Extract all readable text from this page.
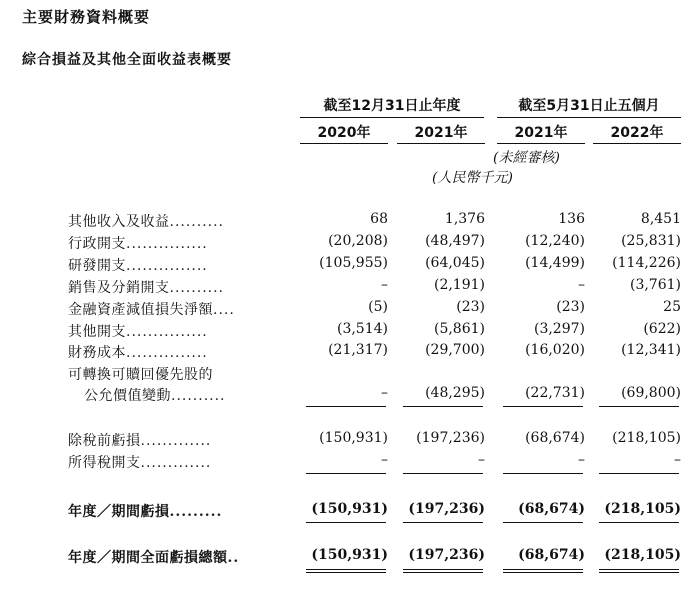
主要財務資料概要
綜合損益及其他全面收益表概要
截至12月31日止年度	截至5月31日止五個月
2020年	2021年	2021年	2022年
(未經審核)
(人民幣千元)
其他收入及收益..........	68	1,376	136	8,451
行政開支...............	(20,208)	(48,497)	(12,240)	(25,831)
研發開支...............	(105,955)	(64,045)	(14,499)	(114,226)
銷售及分銷開支..........	–	(2,191)	–	(3,761)
金融資產減值損失淨額....	(5)	(23)	(23)	25
其他開支...............	(3,514)	(5,861)	(3,297)	(622)
財務成本...............	(21,317)	(29,700)	(16,020)	(12,341)
可轉換可贖回優先股的
公允價值變動..........	–	(48,295)	(22,731)	(69,800)
除稅前虧損.............	(150,931)	(197,236)	(68,674)	(218,105)
所得稅開支.............	–	–	–	–
年度／期間虧損.........	(150,931)	(197,236)	(68,674)	(218,105)
年度／期間全面虧損總額..	(150,931)	(197,236)	(68,674)	(218,105)
